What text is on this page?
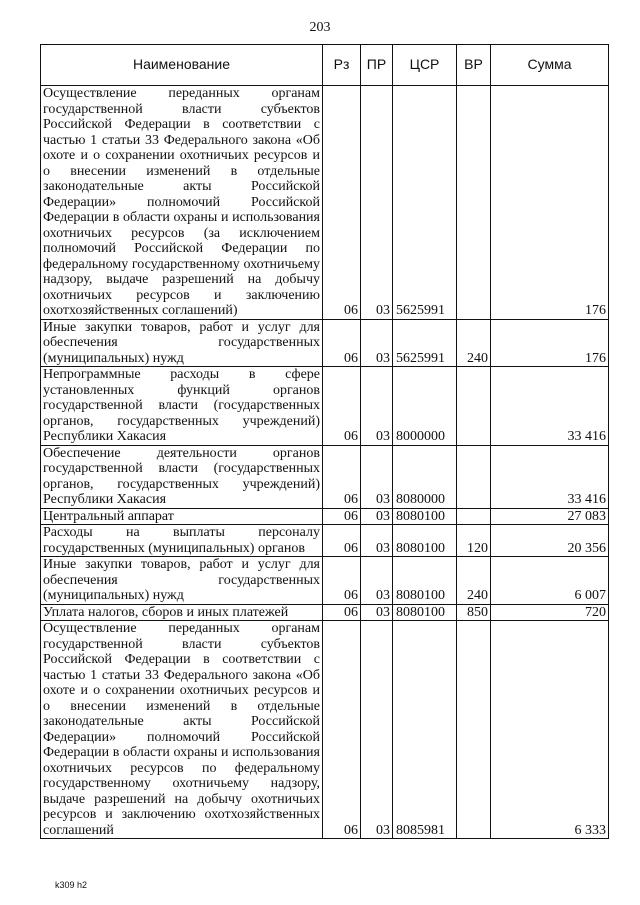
203
Наименование	Рз	ПР	ЦСР	ВР	Сумма
Осуществление переданных органам государственной власти субъектов Российской Федерации в соответствии с частью 1 статьи 33 Федерального закона «Об охоте и о сохранении охотничьих ресурсов и о внесении изменений в отдельные законодательные акты Российской Федерации» полномочий Российской Федерации в области охраны и использования охотничьих ресурсов (за исключением полномочий Российской Федерации по федеральному государственному охотничьему надзору, выдаче разрешений на добычу охотничьих ресурсов и заключению охотхозяйственных соглашений)	06	03	5625991		176
Иные закупки товаров, работ и услуг для обеспечения государственных (муниципальных) нужд	06	03	5625991	240	176
Непрограммные расходы в сфере установленных функций органов государственной власти (государственных органов, государственных учреждений) Республики Хакасия	06	03	8000000		33 416
Обеспечение деятельности органов государственной власти (государственных органов, государственных учреждений) Республики Хакасия	06	03	8080000		33 416
Центральный аппарат	06	03	8080100		27 083
Расходы на выплаты персоналу государственных (муниципальных) органов	06	03	8080100	120	20 356
Иные закупки товаров, работ и услуг для обеспечения государственных (муниципальных) нужд	06	03	8080100	240	6 007
Уплата налогов, сборов и иных платежей	06	03	8080100	850	720
Осуществление переданных органам государственной власти субъектов Российской Федерации в соответствии с частью 1 статьи 33 Федерального закона «Об охоте и о сохранении охотничьих ресурсов и о внесении изменений в отдельные законодательные акты Российской Федерации» полномочий Российской Федерации в области охраны и использования охотничьих ресурсов по федеральному государственному охотничьему надзору, выдаче разрешений на добычу охотничьих ресурсов и заключению охотхозяйственных соглашений	06	03	8085981		6 333
k309 h2
